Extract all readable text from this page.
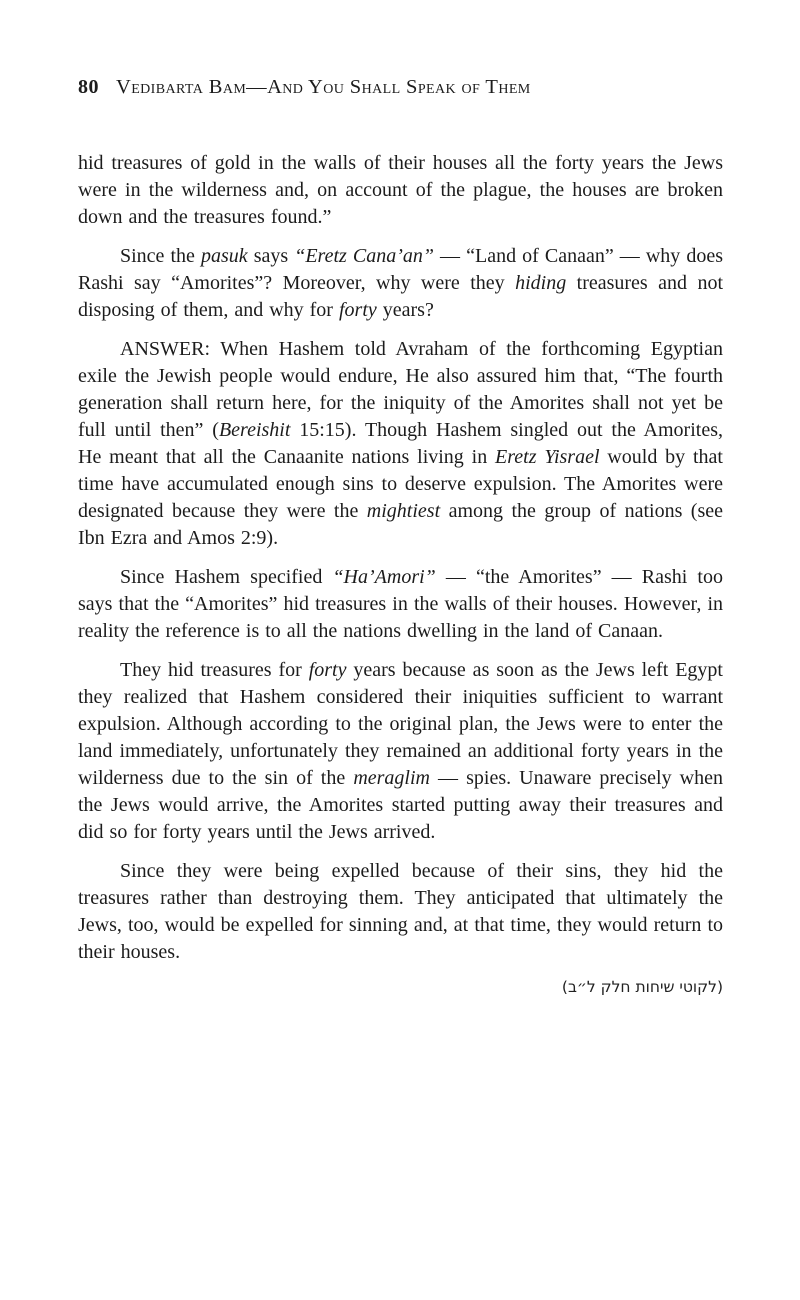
80 Vedibarta Bam—And You Shall Speak of Them

hid treasures of gold in the walls of their houses all the forty years the Jews were in the wilderness and, on account of the plague, the houses are broken down and the treasures found.”

Since the pasuk says “Eretz Cana’an” — “Land of Canaan” — why does Rashi say “Amorites”? Moreover, why were they hiding treasures and not disposing of them, and why for forty years?

ANSWER: When Hashem told Avraham of the forthcoming Egyptian exile the Jewish people would endure, He also assured him that, “The fourth generation shall return here, for the iniquity of the Amorites shall not yet be full until then” (Bereishit 15:15). Though Hashem singled out the Amorites, He meant that all the Canaanite nations living in Eretz Yisrael would by that time have accumulated enough sins to deserve expulsion. The Amorites were designated because they were the mightiest among the group of nations (see Ibn Ezra and Amos 2:9).

Since Hashem specified “Ha’Amori” — “the Amorites” — Rashi too says that the “Amorites” hid treasures in the walls of their houses. However, in reality the reference is to all the nations dwelling in the land of Canaan.

They hid treasures for forty years because as soon as the Jews left Egypt they realized that Hashem considered their iniquities sufficient to warrant expulsion. Although according to the original plan, the Jews were to enter the land immediately, unfortunately they remained an additional forty years in the wilderness due to the sin of the meraglim — spies. Unaware precisely when the Jews would arrive, the Amorites started putting away their treasures and did so for forty years until the Jews arrived.

Since they were being expelled because of their sins, they hid the treasures rather than destroying them. They anticipated that ultimately the Jews, too, would be expelled for sinning and, at that time, they would return to their houses.

(לקוטי שיחות חלק ל״ב)
